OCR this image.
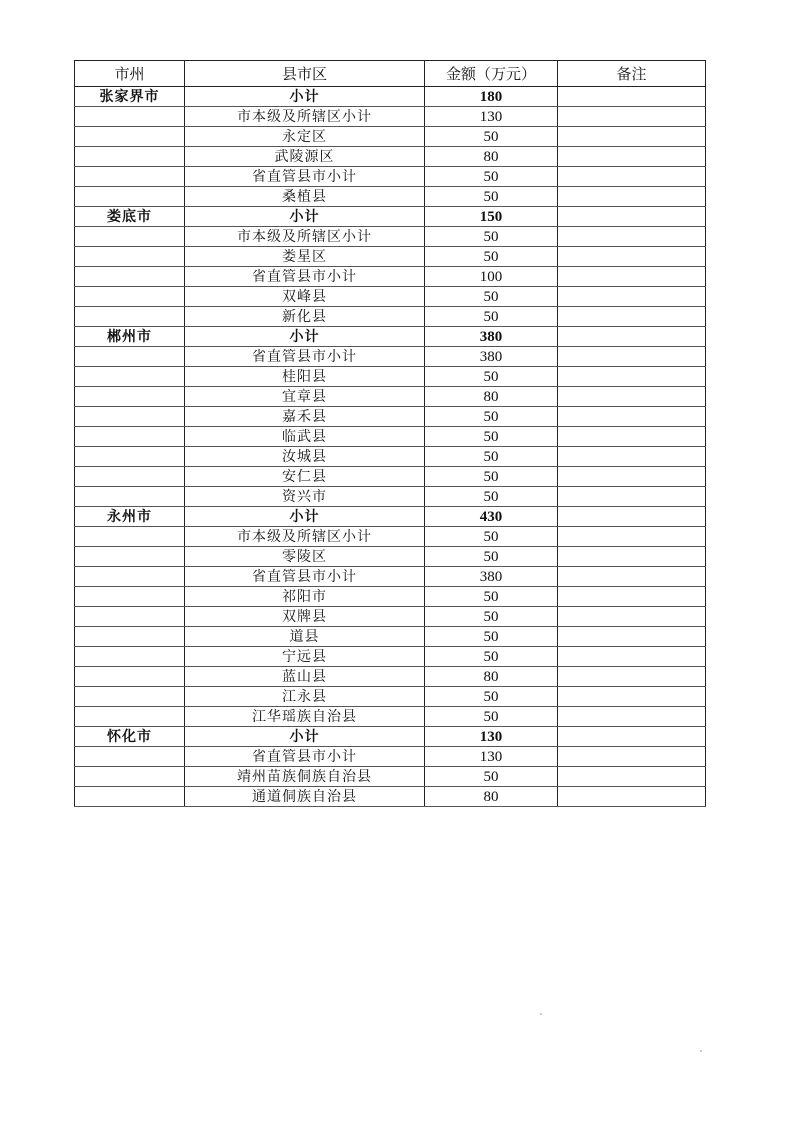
市州	县市区	金额（万元）	备注
张家界市	小计	180	
	市本级及所辖区小计	130	
	永定区	50	
	武陵源区	80	
	省直管县市小计	50	
	桑植县	50	
娄底市	小计	150	
	市本级及所辖区小计	50	
	娄星区	50	
	省直管县市小计	100	
	双峰县	50	
	新化县	50	
郴州市	小计	380	
	省直管县市小计	380	
	桂阳县	50	
	宜章县	80	
	嘉禾县	50	
	临武县	50	
	汝城县	50	
	安仁县	50	
	资兴市	50	
永州市	小计	430	
	市本级及所辖区小计	50	
	零陵区	50	
	省直管县市小计	380	
	祁阳市	50	
	双牌县	50	
	道县	50	
	宁远县	50	
	蓝山县	80	
	江永县	50	
	江华瑶族自治县	50	
怀化市	小计	130	
	省直管县市小计	130	
	靖州苗族侗族自治县	50	
	通道侗族自治县	80	
